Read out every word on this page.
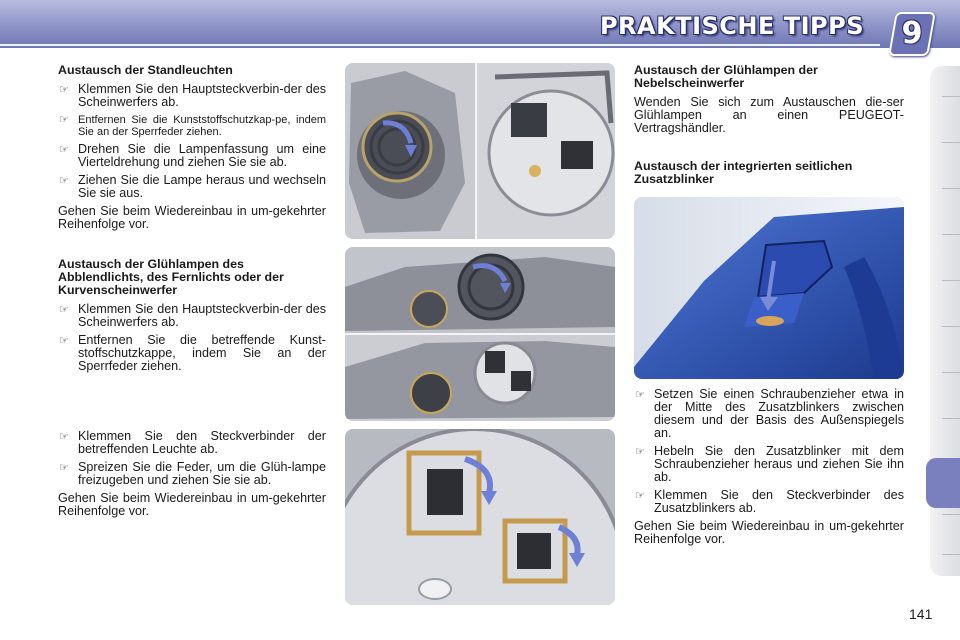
PRAKTISCHE TIPPS 9
Austausch der Standleuchten
☞ Klemmen Sie den Hauptsteckverbin-der des Scheinwerfers ab.
☞ Entfernen Sie die Kunststoffschutzkap-pe, indem Sie an der Sperrfeder ziehen.
☞ Drehen Sie die Lampenfassung um eine Vierteldrehung und ziehen Sie sie ab.
☞ Ziehen Sie die Lampe heraus und wechseln Sie sie aus.
Gehen Sie beim Wiedereinbau in um-gekehrter Reihenfolge vor.
Austausch der Glühlampen des Abblendlichts, des Fernlichts oder der Kurvenscheinwerfer
☞ Klemmen Sie den Hauptsteckverbin-der des Scheinwerfers ab.
☞ Entfernen Sie die betreffende Kunst-stoffschutzkappe, indem Sie an der Sperrfeder ziehen.
☞ Klemmen Sie den Steckverbinder der betreffenden Leuchte ab.
☞ Spreizen Sie die Feder, um die Glüh-lampe freizugeben und ziehen Sie sie ab.
Gehen Sie beim Wiedereinbau in um-gekehrter Reihenfolge vor.
Austausch der Glühlampen der Nebelscheinwerfer
Wenden Sie sich zum Austauschen die-ser Glühlampen an einen PEUGEOT-Vertragshändler.
Austausch der integrierten seitlichen Zusatzblinker
☞ Setzen Sie einen Schraubenzieher etwa in der Mitte des Zusatzblinkers zwischen diesem und der Basis des Außenspiegels an.
☞ Hebeln Sie den Zusatzblinker mit dem Schraubenzieher heraus und ziehen Sie ihn ab.
☞ Klemmen Sie den Steckverbinder des Zusatzblinkers ab.
Gehen Sie beim Wiedereinbau in um-gekehrter Reihenfolge vor.
141
